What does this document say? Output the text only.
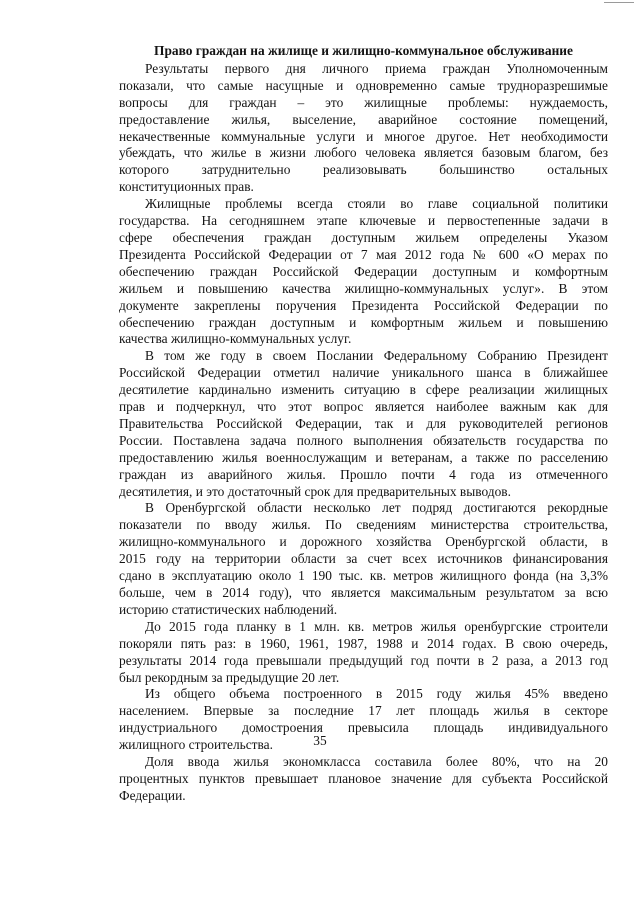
Право граждан на жилище и жилищно-коммунальное обслуживание
Результаты первого дня личного приема граждан Уполномоченным
показали, что самые насущные и одновременно самые трудноразрешимые
вопросы для граждан – это жилищные проблемы: нуждаемость,
предоставление жилья, выселение, аварийное состояние помещений,
некачественные коммунальные услуги и многое другое. Нет необходимости
убеждать, что жилье в жизни любого человека является базовым благом, без
которого затруднительно реализовывать большинство остальных
конституционных прав.
Жилищные проблемы всегда стояли во главе социальной политики
государства. На сегодняшнем этапе ключевые и первостепенные задачи в
сфере обеспечения граждан доступным жильем определены Указом
Президента Российской Федерации от 7 мая 2012 года № 600 «О мерах по
обеспечению граждан Российской Федерации доступным и комфортным
жильем и повышению качества жилищно-коммунальных услуг». В этом
документе закреплены поручения Президента Российской Федерации по
обеспечению граждан доступным и комфортным жильем и повышению
качества жилищно-коммунальных услуг.
В том же году в своем Послании Федеральному Собранию Президент
Российской Федерации отметил наличие уникального шанса в ближайшее
десятилетие кардинально изменить ситуацию в сфере реализации жилищных
прав и подчеркнул, что этот вопрос является наиболее важным как для
Правительства Российской Федерации, так и для руководителей регионов
России. Поставлена задача полного выполнения обязательств государства по
предоставлению жилья военнослужащим и ветеранам, а также по расселению
граждан из аварийного жилья. Прошло почти 4 года из отмеченного
десятилетия, и это достаточный срок для предварительных выводов.
В Оренбургской области несколько лет подряд достигаются рекордные
показатели по вводу жилья. По сведениям министерства строительства,
жилищно-коммунального и дорожного хозяйства Оренбургской области, в
2015 году на территории области за счет всех источников финансирования
сдано в эксплуатацию около 1 190 тыс. кв. метров жилищного фонда (на 3,3%
больше, чем в 2014 году), что является максимальным результатом за всю
историю статистических наблюдений.
До 2015 года планку в 1 млн. кв. метров жилья оренбургские строители
покоряли пять раз: в 1960, 1961, 1987, 1988 и 2014 годах. В свою очередь,
результаты 2014 года превышали предыдущий год почти в 2 раза, а 2013 год
был рекордным за предыдущие 20 лет.
Из общего объема построенного в 2015 году жилья 45% введено
населением. Впервые за последние 17 лет площадь жилья в секторе
индустриального домостроения превысила площадь индивидуального
жилищного строительства.
Доля ввода жилья экономкласса составила более 80%, что на 20
процентных пунктов превышает плановое значение для субъекта Российской
Федерации.
35
